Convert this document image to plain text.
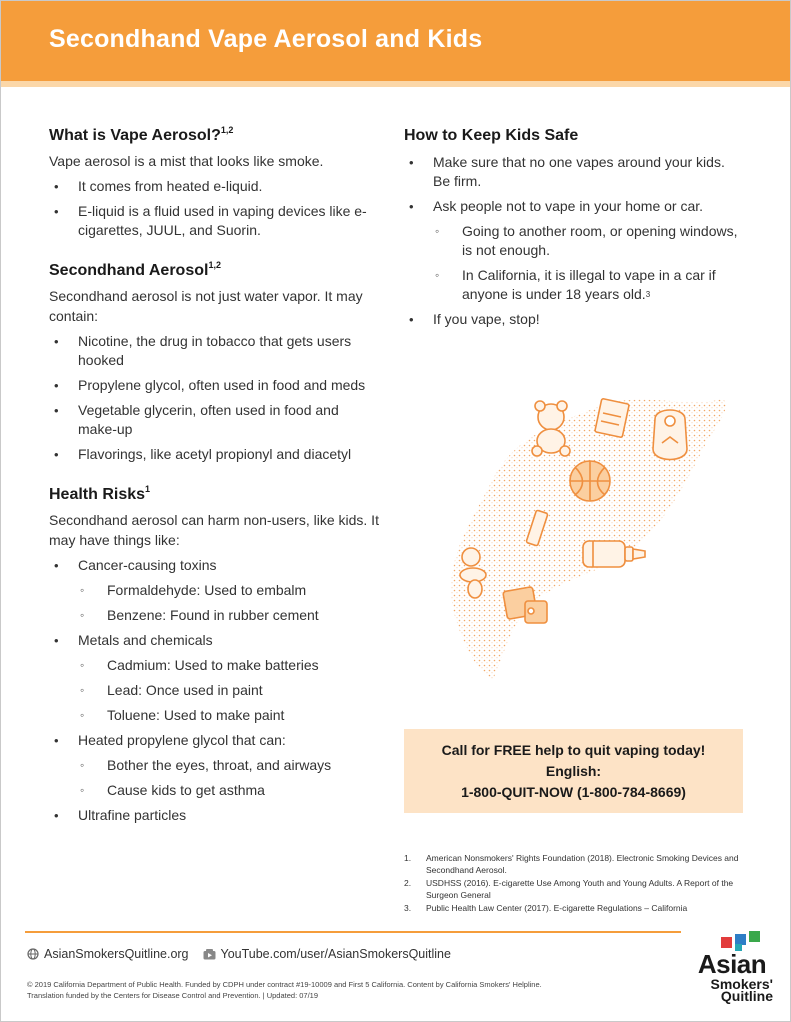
Secondhand Vape Aerosol and Kids
What is Vape Aerosol?$^{1,2}$

Vape aerosol is a mist that looks like smoke.

• It comes from heated e-liquid.
• E-liquid is a fluid used in vaping devices like e-cigarettes, JUUL, and Suorin.
Secondhand Aerosol$^{1,2}$

Secondhand aerosol is not just water vapor. It may contain:

• Nicotine, the drug in tobacco that gets users hooked
• Propylene glycol, often used in food and meds
• Vegetable glycerin, often used in food and make-up
• Flavorings, like acetyl propionyl and diacetyl
Health Risks$^1$

Secondhand aerosol can harm non-users, like kids. It may have things like:

• Cancer-causing toxins
◦ Formaldehyde: Used to embalm
◦ Benzene: Found in rubber cement
• Metals and chemicals
◦ Cadmium: Used to make batteries
◦ Lead: Once used in paint
◦ Toluene: Used to make paint
• Heated propylene glycol that can:
◦ Bother the eyes, throat, and airways
◦ Cause kids to get asthma
• Ultrafine particles
How to Keep Kids Safe
• Make sure that no one vapes around your kids. Be firm.
• Ask people not to vape in your home or car.
◦ Going to another room, or opening windows, is not enough.
◦ In California, it is illegal to vape in a car if anyone is under 18 years old.$^3$
• If you vape, stop!
Call for FREE help to quit vaping today!
English:
1-800-QUIT-NOW (1-800-784-8669)
1. American Nonsmokers' Rights Foundation (2018). Electronic Smoking Devices and Secondhand Aerosol.
2. USDHSS (2016). E-cigarette Use Among Youth and Young Adults. A Report of the Surgeon General
3. Public Health Law Center (2017). E-cigarette Regulations – California
AsianSmokersQuitline.org	YouTube.com/user/AsianSmokersQuitline
© 2019 California Department of Public Health. Funded by CDPH under contract #19-10009 and First 5 California. Content by California Smokers' Helpline.
Translation funded by the Centers for Disease Control and Prevention. | Updated: 07/19
Asian
Smokers'
Quitline
